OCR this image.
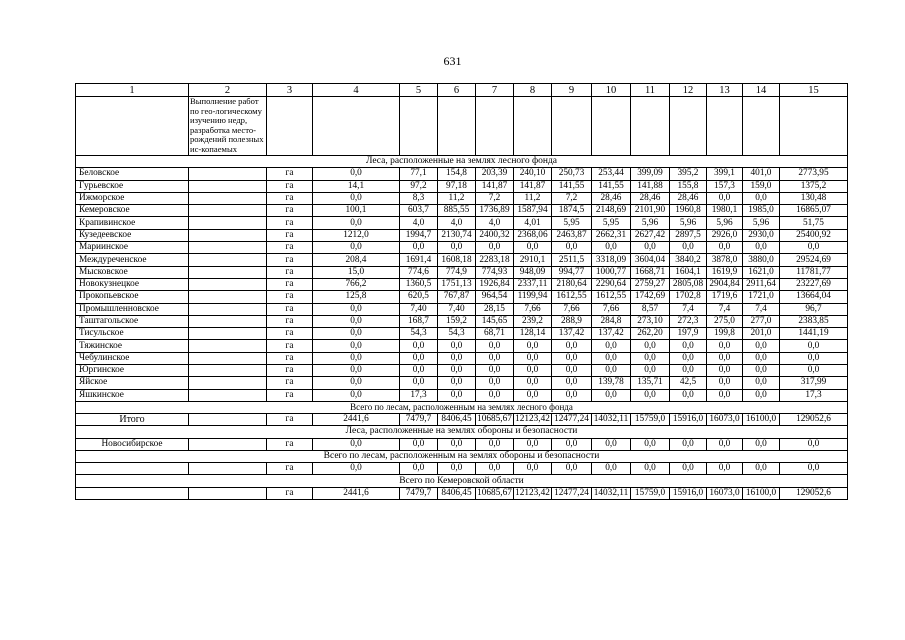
631
1	2	3	4	5	6	7	8	9	10	11	12	13	14	15
	Выполнение работ по гео-логическому изучению недр, разработка место-рождений полезных ис-копаемых													
Леса, расположенные на землях лесного фонда														
Беловское		га	0,0	77,1	154,8	203,39	240,10	250,73	253,44	399,09	395,2	399,1	401,0	2773,95
Гурьевское		га	14,1	97,2	97,18	141,87	141,87	141,55	141,55	141,88	155,8	157,3	159,0	1375,2
Ижморское		га	0,0	8,3	11,2	7,2	11,2	7,2	28,46	28,46	28,46	0,0	0,0	130,48
Кемеровское		га	100,1	603,7	885,55	1736,89	1587,94	1874,5	2148,69	2101,90	1960,8	1980,1	1985,0	16865,07
Крапивинское		га	0,0	4,0	4,0	4,0	4,01	5,95	5,95	5,96	5,96	5,96	5,96	51,75
Кузедеевское		га	1212,0	1994,7	2130,74	2400,32	2368,06	2463,87	2662,31	2627,42	2897,5	2926,0	2930,0	25400,92
Мариинское		га	0,0	0,0	0,0	0,0	0,0	0,0	0,0	0,0	0,0	0,0	0,0	0,0
Междуреченское		га	208,4	1691,4	1608,18	2283,18	2910,1	2511,5	3318,09	3604,04	3840,2	3878,0	3880,0	29524,69
Мысковское		га	15,0	774,6	774,9	774,93	948,09	994,77	1000,77	1668,71	1604,1	1619,9	1621,0	11781,77
Новокузнецкое		га	766,2	1360,5	1751,13	1926,84	2337,11	2180,64	2290,64	2759,27	2805,08	2904,84	2911,64	23227,69
Прокопьевское		га	125,8	620,5	767,87	964,54	1199,94	1612,55	1612,55	1742,69	1702,8	1719,6	1721,0	13664,04
Промышленновское		га	0,0	7,40	7,40	28,15	7,66	7,66	7,66	8,57	7,4	7,4	7,4	96,7
Таштагольское		га	0,0	168,7	159,2	145,65	239,2	288,9	284,8	273,10	272,3	275,0	277,0	2383,85
Тисульское		га	0,0	54,3	54,3	68,71	128,14	137,42	137,42	262,20	197,9	199,8	201,0	1441,19
Тяжинское		га	0,0	0,0	0,0	0,0	0,0	0,0	0,0	0,0	0,0	0,0	0,0	0,0
Чебулинское		га	0,0	0,0	0,0	0,0	0,0	0,0	0,0	0,0	0,0	0,0	0,0	0,0
Юргинское		га	0,0	0,0	0,0	0,0	0,0	0,0	0,0	0,0	0,0	0,0	0,0	0,0
Яйское		га	0,0	0,0	0,0	0,0	0,0	0,0	139,78	135,71	42,5	0,0	0,0	317,99
Яшкинское		га	0,0	17,3	0,0	0,0	0,0	0,0	0,0	0,0	0,0	0,0	0,0	17,3
Всего по лесам, расположенным на землях лесного фонда														
Итого		га	2441,6	7479,7	8406,45	10685,67	12123,42	12477,24	14032,11	15759,0	15916,0	16073,0	16100,0	129052,6
Леса, расположенные на землях обороны и безопасности														
Новосибирское		га	0,0	0,0	0,0	0,0	0,0	0,0	0,0	0,0	0,0	0,0	0,0	0,0
Всего по лесам, расположенным на землях обороны и безопасности														
		га	0,0	0,0	0,0	0,0	0,0	0,0	0,0	0,0	0,0	0,0	0,0	0,0
Всего по Кемеровской области														
		га	2441,6	7479,7	8406,45	10685,67	12123,42	12477,24	14032,11	15759,0	15916,0	16073,0	16100,0	129052,6
